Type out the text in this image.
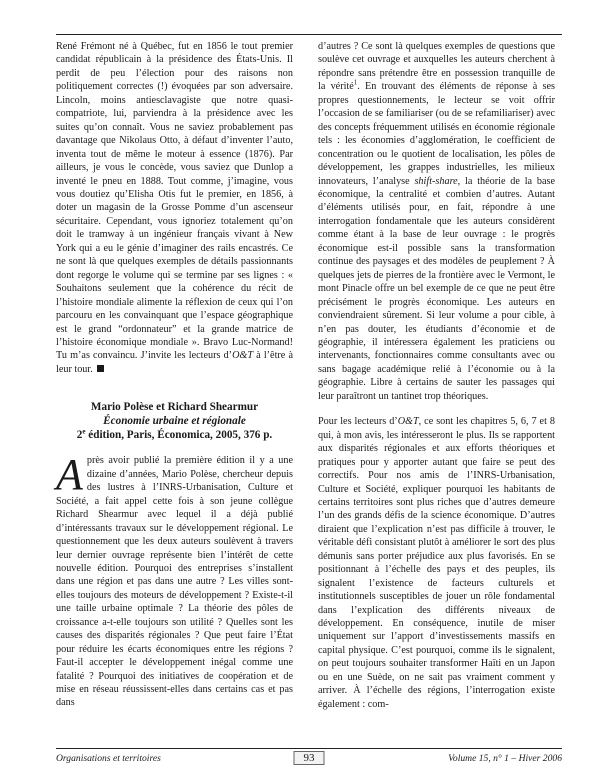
René Frémont né à Québec, fut en 1856 le tout premier candidat républicain à la présidence des États-Unis. Il perdit de peu l’élection pour des raisons non politiquement correctes (!) évoquées par son adversaire. Lincoln, moins antiesclavagiste que notre quasi-compatriote, lui, parviendra à la présidence avec les suites qu’on connaît. Vous ne saviez probablement pas davantage que Nikolaus Otto, à défaut d’inventer l’auto, inventa tout de même le moteur à essence (1876). Par ailleurs, je vous le concède, vous saviez que Dunlop a inventé le pneu en 1888. Tout comme, j’imagine, vous vous doutiez qu’Elisha Otis fut le premier, en 1856, à doter un magasin de la Grosse Pomme d’un ascenseur sécuritaire. Cependant, vous ignoriez totalement qu’on doit le tramway à un ingénieur français vivant à New York qui a eu le génie d’imaginer des rails encastrés. Ce ne sont là que quelques exemples de détails passionnants dont regorge le volume qui se termine par ses lignes : « Souhaitons seulement que la cohérence du récit de l’histoire mondiale alimente la réflexion de ceux qui l’on parcouru en les convainquant que l’espace géographique est le grand “ordonnateur” et la grande matrice de l’histoire économique mondiale ». Bravo Luc-Normand! Tu m’as convaincu. J’invite les lecteurs d’O&T à l’être à leur tour.

Mario Polèse et Richard Shearmur
Économie urbaine et régionale
2e édition, Paris, Économica, 2005, 376 p.

Après avoir publié la première édition il y a une dizaine d’années, Mario Polèse, chercheur depuis des lustres à l’INRS-Urbanisation, Culture et Société, a fait appel cette fois à son jeune collègue Richard Shearmur avec lequel il a déjà publié d’intéressants travaux sur le développement régional. Le questionnement que les deux auteurs soulèvent à travers leur dernier ouvrage représente bien l’intérêt de cette nouvelle édition. Pourquoi des entreprises s’installent dans une région et pas dans une autre ? Les villes sont-elles toujours des moteurs de développement ? Existe-t-il une taille urbaine optimale ? La théorie des pôles de croissance a-t-elle toujours son utilité ? Quelles sont les causes des disparités régionales ? Que peut faire l’État pour réduire les écarts économiques entre les régions ? Faut-il accepter le développement inégal comme une fatalité ? Pourquoi des initiatives de coopération et de mise en réseau réussissent-elles dans certains cas et pas dans

d’autres ? Ce sont là quelques exemples de questions que soulève cet ouvrage et auxquelles les auteurs cherchent à répondre sans prétendre être en possession tranquille de la vérité$^1$. En trouvant des éléments de réponse à ses propres questionnements, le lecteur se voit offrir l’occasion de se familiariser (ou de se refamiliariser) avec des concepts fréquemment utilisés en économie régionale tels : les économies d’agglomération, le coefficient de concentration ou le quotient de localisation, les pôles de développement, les grappes industrielles, les milieux innovateurs, l’analyse shift-share, la théorie de la base économique, la centralité et combien d’autres. Autant d’éléments utilisés pour, en fait, répondre à une interrogation fondamentale que les auteurs considèrent comme étant à la base de leur ouvrage : le progrès économique est-il possible sans la transformation continue des paysages et des modèles de peuplement ? À quelques jets de pierres de la frontière avec le Vermont, le mont Pinacle offre un bel exemple de ce que ne peut être précisément le progrès économique. Les auteurs en conviendraient sûrement. Si leur volume a pour cible, à n’en pas douter, les étudiants d’économie et de géographie, il intéressera également les praticiens ou intervenants, fonctionnaires comme consultants avec ou sans bagage académique relié à l’économie ou à la géographie. Libre à certains de sauter les passages qui leur paraîtront un tantinet trop théoriques.

Pour les lecteurs d’O&T, ce sont les chapitres 5, 6, 7 et 8 qui, à mon avis, les intéresseront le plus. Ils se rapportent aux disparités régionales et aux efforts théoriques et pratiques pour y apporter autant que faire se peut des correctifs. Pour nos amis de l’INRS-Urbanisation, Culture et Société, expliquer pourquoi les habitants de certains territoires sont plus riches que d’autres demeure l’un des grands défis de la science économique. D’autres diraient que l’explication n’est pas difficile à trouver, le véritable défi consistant plutôt à améliorer le sort des plus démunis sans porter préjudice aux plus favorisés. En se positionnant à l’échelle des pays et des peuples, ils signalent l’existence de facteurs culturels et institutionnels susceptibles de jouer un rôle fondamental dans l’explication des différents niveaux de développement. En conséquence, inutile de miser uniquement sur l’apport d’investissements massifs en capital physique. C’est pourquoi, comme ils le signalent, on peut toujours souhaiter transformer Haïti en un Japon ou en une Suède, on ne sait pas vraiment comment y arriver. À l’échelle des régions, l’interrogation existe également : com-

Organisations et territoires	93	Volume 15, n° 1 – Hiver 2006
